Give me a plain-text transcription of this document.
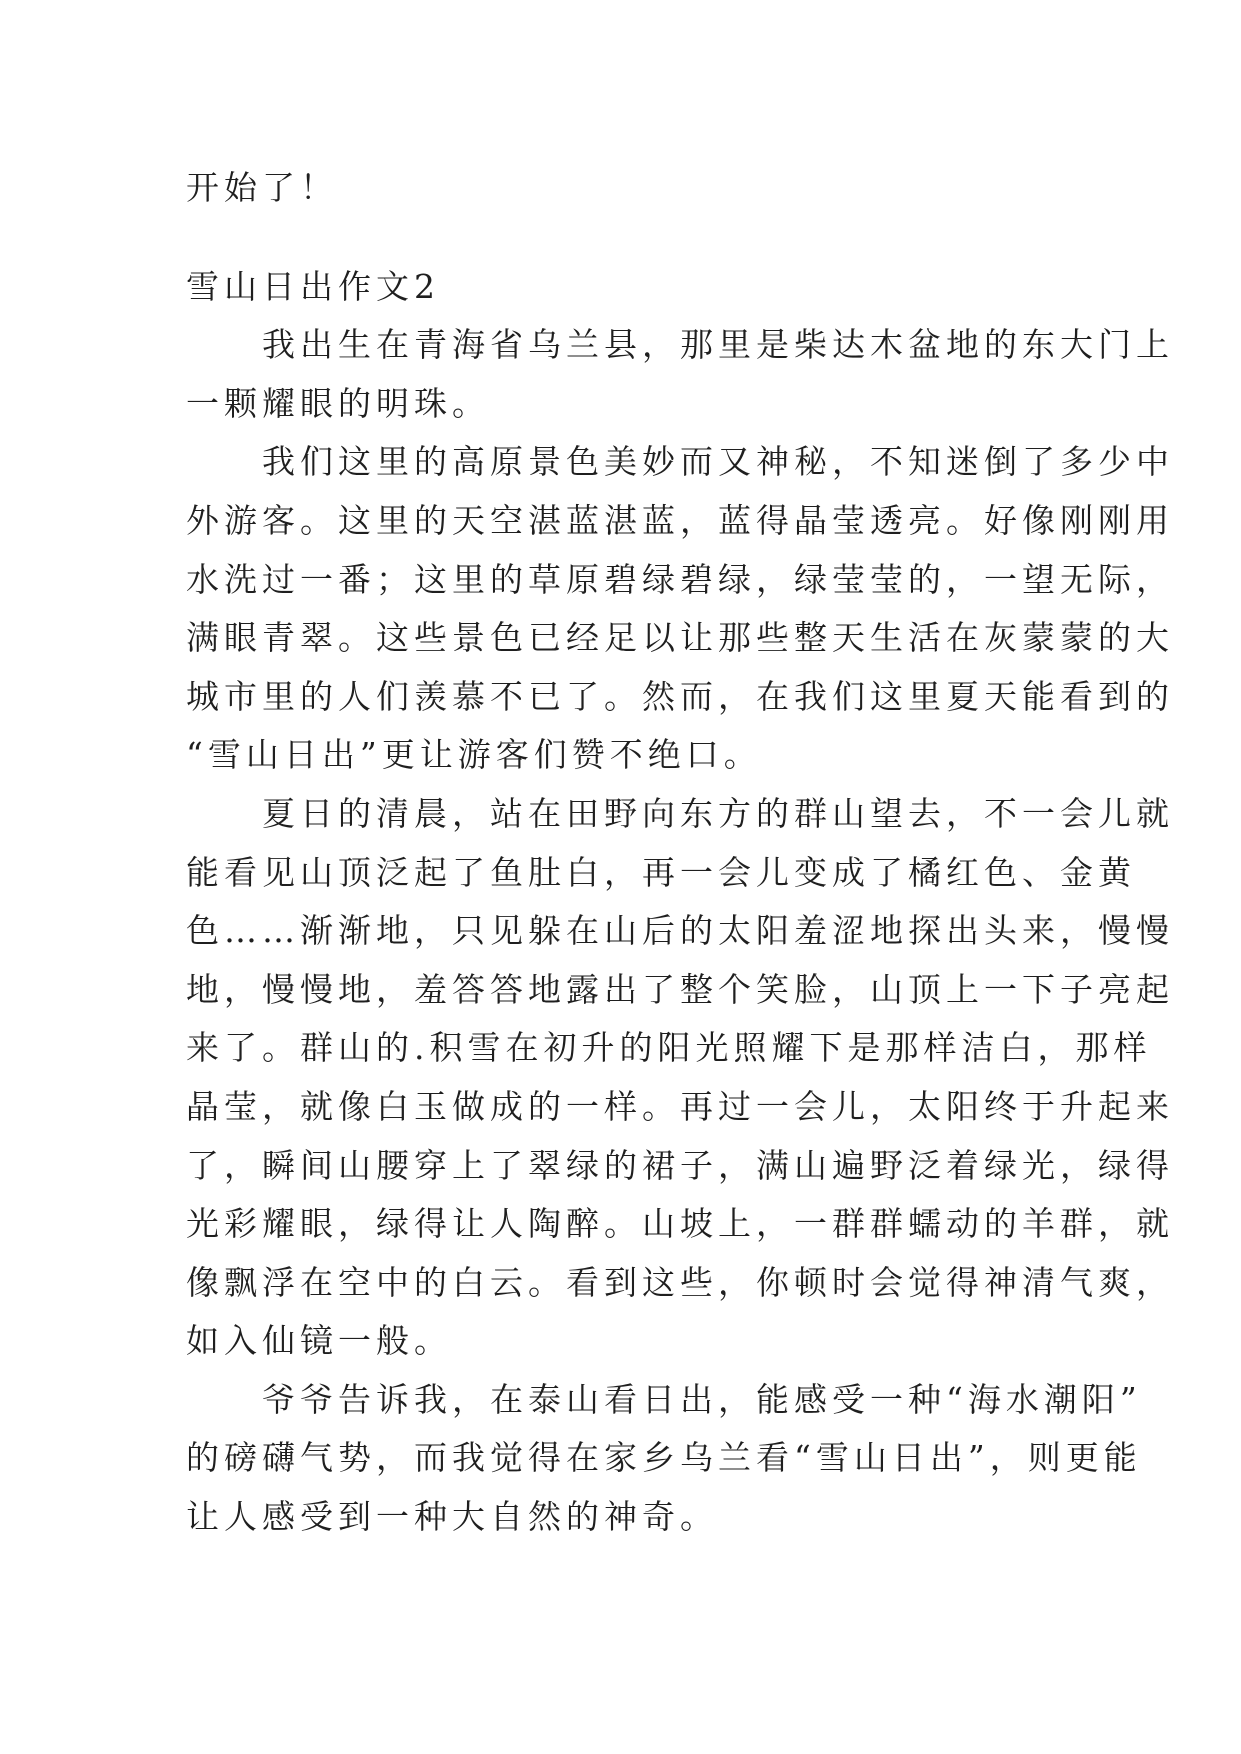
开始了！
雪山日出作文2
　　我出生在青海省乌兰县，那里是柴达木盆地的东大门上
一颗耀眼的明珠。
　　我们这里的高原景色美妙而又神秘，不知迷倒了多少中
外游客。这里的天空湛蓝湛蓝，蓝得晶莹透亮。好像刚刚用
水洗过一番；这里的草原碧绿碧绿，绿莹莹的，一望无际，
满眼青翠。这些景色已经足以让那些整天生活在灰蒙蒙的大
城市里的人们羡慕不已了。然而，在我们这里夏天能看到的
“雪山日出”更让游客们赞不绝口。
　　夏日的清晨，站在田野向东方的群山望去，不一会儿就
能看见山顶泛起了鱼肚白，再一会儿变成了橘红色、金黄
色……渐渐地，只见躲在山后的太阳羞涩地探出头来，慢慢
地，慢慢地，羞答答地露出了整个笑脸，山顶上一下子亮起
来了。群山的.积雪在初升的阳光照耀下是那样洁白，那样
晶莹，就像白玉做成的一样。再过一会儿，太阳终于升起来
了，瞬间山腰穿上了翠绿的裙子，满山遍野泛着绿光，绿得
光彩耀眼，绿得让人陶醉。山坡上，一群群蠕动的羊群，就
像飘浮在空中的白云。看到这些，你顿时会觉得神清气爽，
如入仙镜一般。
　　爷爷告诉我，在泰山看日出，能感受一种“海水潮阳”
的磅礴气势，而我觉得在家乡乌兰看“雪山日出”，则更能
让人感受到一种大自然的神奇。
